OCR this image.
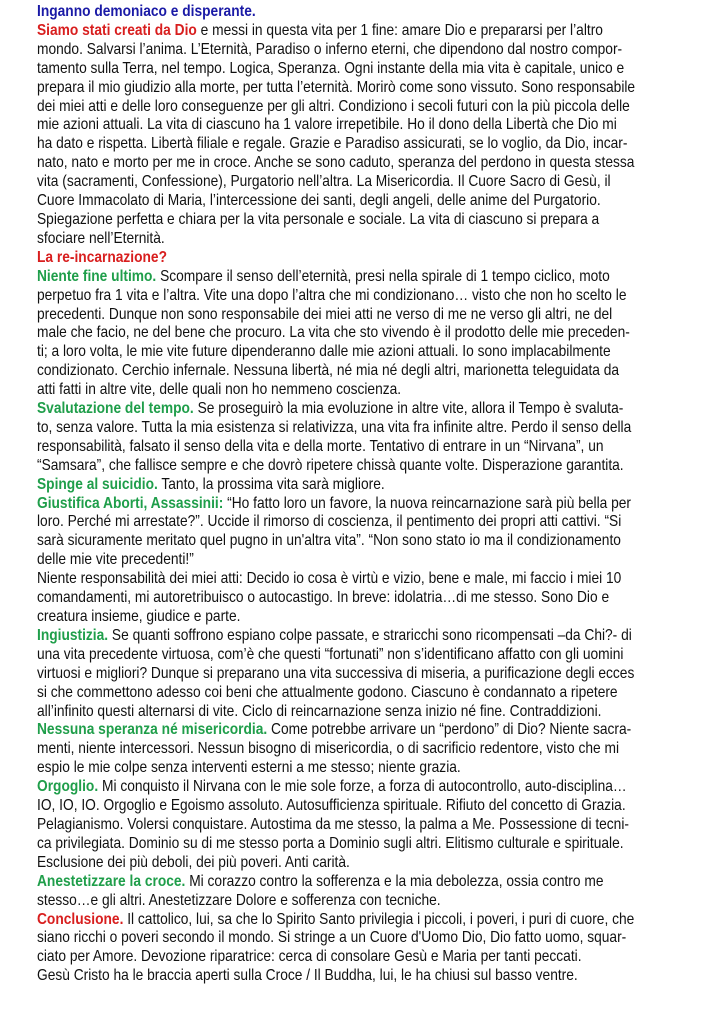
Inganno demoniaco e disperante.
Siamo stati creati da Dio e messi in questa vita per 1 fine: amare Dio e prepararsi per l’altro
mondo. Salvarsi l’anima. L’Eternità, Paradiso o inferno eterni, che dipendono dal nostro compor-
tamento sulla Terra, nel tempo. Logica, Speranza. Ogni instante della mia vita è capitale, unico e
prepara il mio giudizio alla morte, per tutta l’eternità. Morirò come sono vissuto. Sono responsabile
dei miei atti e delle loro conseguenze per gli altri. Condiziono i secoli futuri con la più piccola delle
mie azioni attuali. La vita di ciascuno ha 1 valore irrepetibile. Ho il dono della Libertà che Dio mi
ha dato e rispetta. Libertà filiale e regale. Grazie e Paradiso assicurati, se lo voglio, da Dio, incar-
nato, nato e morto per me in croce. Anche se sono caduto, speranza del perdono in questa stessa
vita (sacramenti, Confessione), Purgatorio nell’altra. La Misericordia. Il Cuore Sacro di Gesù, il
Cuore Immacolato di Maria, l’intercessione dei santi, degli angeli, delle anime del Purgatorio.
Spiegazione perfetta e chiara per la vita personale e sociale. La vita di ciascuno si prepara a
sfociare nell’Eternità.
La re-incarnazione?
Niente fine ultimo. Scompare il senso dell’eternità, presi nella spirale di 1 tempo ciclico, moto
perpetuo fra 1 vita e l’altra. Vite una dopo l’altra che mi condizionano… visto che non ho scelto le
precedenti. Dunque non sono responsabile dei miei atti ne verso di me ne verso gli altri, ne del
male che facio, ne del bene che procuro. La vita che sto vivendo è il prodotto delle mie preceden-
ti; a loro volta, le mie vite future dipenderanno dalle mie azioni attuali. Io sono implacabilmente
condizionato. Cerchio infernale. Nessuna libertà, né mia né degli altri, marionetta teleguidata da
atti fatti in altre vite, delle quali non ho nemmeno coscienza.
Svalutazione del tempo. Se proseguirò la mia evoluzione in altre vite, allora il Tempo è svaluta-
to, senza valore. Tutta la mia esistenza si relativizza, una vita fra infinite altre. Perdo il senso della
responsabilità, falsato il senso della vita e della morte. Tentativo di entrare in un “Nirvana”, un
“Samsara”, che fallisce sempre e che dovrò ripetere chissà quante volte. Disperazione garantita.
Spinge al suicidio. Tanto, la prossima vita sarà migliore.
Giustifica Aborti, Assassinii: “Ho fatto loro un favore, la nuova reincarnazione sarà più bella per
loro. Perché mi arrestate?”. Uccide il rimorso di coscienza, il pentimento dei propri atti cattivi. “Si
sarà sicuramente meritato quel pugno in un'altra vita”. “Non sono stato io ma il condizionamento
delle mie vite precedenti!”
Niente responsabilità dei miei atti: Decido io cosa è virtù e vizio, bene e male, mi faccio i miei 10
comandamenti, mi autoretribuisco o autocastigo. In breve: idolatria…di me stesso. Sono Dio e
creatura insieme, giudice e parte.
Ingiustizia. Se quanti soffrono espiano colpe passate, e straricchi sono ricompensati –da Chi?- di
una vita precedente virtuosa, com’è che questi “fortunati” non s’identificano affatto con gli uomini
virtuosi e migliori? Dunque si preparano una vita successiva di miseria, a purificazione degli ecces
si che commettono adesso coi beni che attualmente godono. Ciascuno è condannato a ripetere
all’infinito questi alternarsi di vite. Ciclo di reincarnazione senza inizio né fine. Contraddizioni.
Nessuna speranza né misericordia. Come potrebbe arrivare un “perdono” di Dio? Niente sacra-
menti, niente intercessori. Nessun bisogno di misericordia, o di sacrificio redentore, visto che mi
espio le mie colpe senza interventi esterni a me stesso; niente grazia.
Orgoglio. Mi conquisto il Nirvana con le mie sole forze, a forza di autocontrollo, auto-disciplina…
IO, IO, IO. Orgoglio e Egoismo assoluto. Autosufficienza spirituale. Rifiuto del concetto di Grazia.
Pelagianismo. Volersi conquistare. Autostima da me stesso, la palma a Me. Possessione di tecni-
ca privilegiata. Dominio su di me stesso porta a Dominio sugli altri. Elitismo culturale e spirituale.
Esclusione dei più deboli, dei più poveri. Anti carità.
Anestetizzare la croce. Mi corazzo contro la sofferenza e la mia debolezza, ossia contro me
stesso…e gli altri. Anestetizzare Dolore e sofferenza con tecniche.
Conclusione. Il cattolico, lui, sa che lo Spirito Santo privilegia i piccoli, i poveri, i puri di cuore, che
siano ricchi o poveri secondo il mondo. Si stringe a un Cuore d'Uomo Dio, Dio fatto uomo, squar-
ciato per Amore. Devozione riparatrice: cerca di consolare Gesù e Maria per tanti peccati.
Gesù Cristo ha le braccia aperti sulla Croce / Il Buddha, lui, le ha chiusi sul basso ventre.
